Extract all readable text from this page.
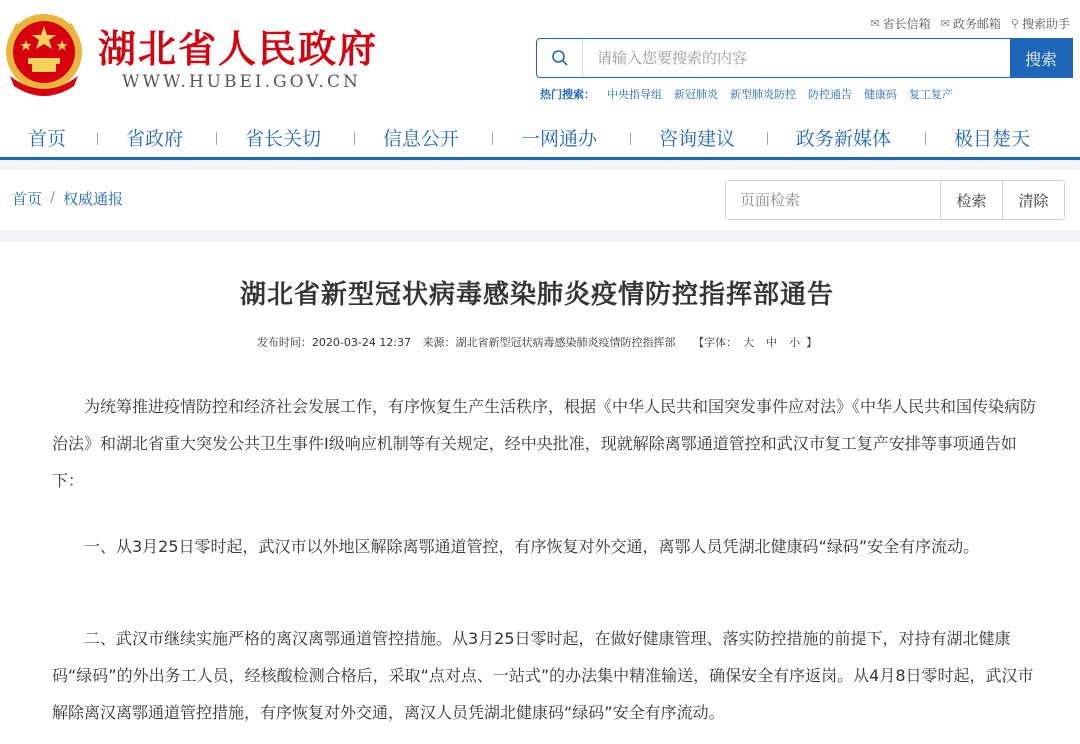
湖北省人民政府
WWW.HUBEI.GOV.CN
✉ 省长信箱 ✉ 政务邮箱 ⚲ 搜索助手
请输入您要搜索的内容
搜索
热门搜索： 中央指导组 新冠肺炎 新型肺炎防控 防控通告 健康码 复工复产
首页	省政府	省长关切	信息公开	一网通办	咨询建议	政务新媒体	极目楚天
首页 / 权威通报
页面检索	检索	清除
湖北省新型冠状病毒感染肺炎疫情防控指挥部通告
发布时间：2020-03-24 12:37 来源：湖北省新型冠状病毒感染肺炎疫情防控指挥部 【字体： 大 中 小 】

为统筹推进疫情防控和经济社会发展工作，有序恢复生产生活秩序，根据《中华人民共和国突发事件应对法》《中华人民共和国传染病防治法》和湖北省重大突发公共卫生事件I级响应机制等有关规定，经中央批准，现就解除离鄂通道管控和武汉市复工复产安排等事项通告如下：

一、从3月25日零时起，武汉市以外地区解除离鄂通道管控，有序恢复对外交通，离鄂人员凭湖北健康码“绿码”安全有序流动。

二、武汉市继续实施严格的离汉离鄂通道管控措施。从3月25日零时起，在做好健康管理、落实防控措施的前提下，对持有湖北健康码“绿码”的外出务工人员，经核酸检测合格后，采取“点对点、一站式”的办法集中精准输送，确保安全有序返岗。从4月8日零时起，武汉市解除离汉离鄂通道管控措施，有序恢复对外交通，离汉人员凭湖北健康码“绿码”安全有序流动。
